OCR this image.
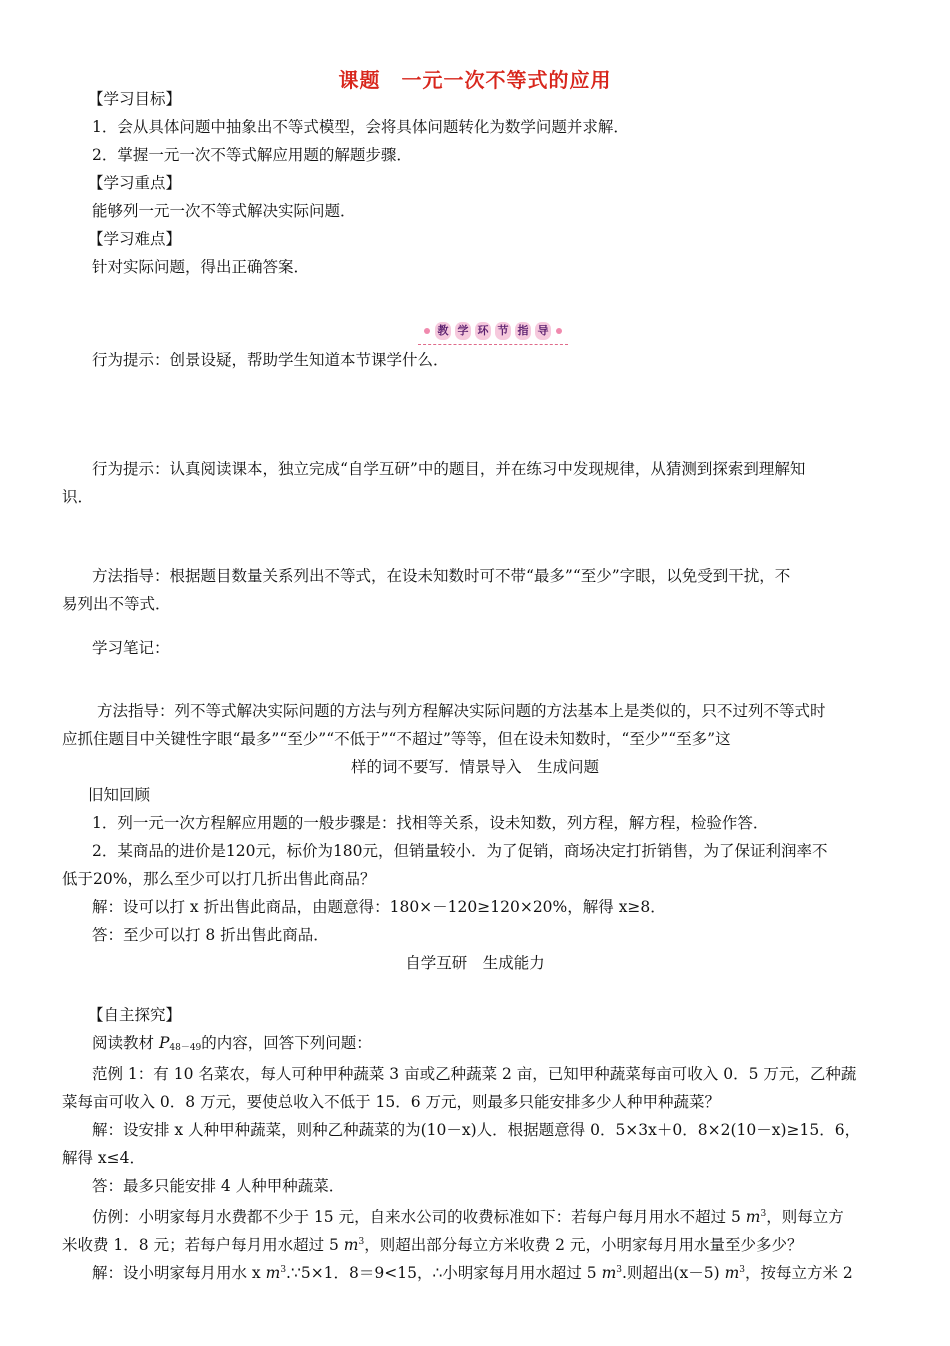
课题　一元一次不等式的应用
【学习目标】
1．会从具体问题中抽象出不等式模型，会将具体问题转化为数学问题并求解．
2．掌握一元一次不等式解应用题的解题步骤．
【学习重点】
能够列一元一次不等式解决实际问题．
【学习难点】
针对实际问题，得出正确答案．
教 学 环 节 指 导
行为提示：创景设疑，帮助学生知道本节课学什么．
行为提示：认真阅读课本，独立完成“自学互研”中的题目，并在练习中发现规律，从猜测到探索到理解知
识．
方法指导：根据题目数量关系列出不等式，在设未知数时可不带“最多”“至少”字眼，以免受到干扰，不
易列出不等式．
学习笔记：
方法指导：列不等式解决实际问题的方法与列方程解决实际问题的方法基本上是类似的，只不过列不等式时
应抓住题目中关键性字眼“最多”“至少”“不低于”“不超过”等等，但在设未知数时，“至少”“至多”这
样的词不要写．情景导入　生成问题
旧知回顾
1．列一元一次方程解应用题的一般步骤是：找相等关系，设未知数，列方程，解方程，检验作答．
2．某商品的进价是120元，标价为180元，但销量较小．为了促销，商场决定打折销售，为了保证利润率不
低于20%，那么至少可以打几折出售此商品？
解：设可以打 x 折出售此商品，由题意得：180×－120≥120×20%，解得 x≥8．
答：至少可以打 8 折出售此商品．
自学互研　生成能力
【自主探究】
阅读教材 $P_{48-49}$的内容，回答下列问题：
范例 1：有 10 名菜农，每人可种甲种蔬菜 3 亩或乙种蔬菜 2 亩，已知甲种蔬菜每亩可收入 0．5 万元，乙种蔬
菜每亩可收入 0．8 万元，要使总收入不低于 15．6 万元，则最多只能安排多少人种甲种蔬菜？
解：设安排 x 人种甲种蔬菜，则种乙种蔬菜的为(10－x)人．根据题意得 0．5×3x＋0．8×2(10－x)≥15．6，
解得 x≤4．
答：最多只能安排 4 人种甲种蔬菜．
仿例：小明家每月水费都不少于 15 元，自来水公司的收费标准如下：若每户每月用水不超过 5 $m^3$，则每立方
米收费 1．8 元；若每户每月用水超过 5 $m^3$，则超出部分每立方米收费 2 元，小明家每月用水量至少多少？
解：设小明家每月用水 x $m^3.\because 5\times 1$．8＝9<15，∴小明家每月用水超过 5 $m^3$.则超出(x－5) $m^3$，按每立方米 2
